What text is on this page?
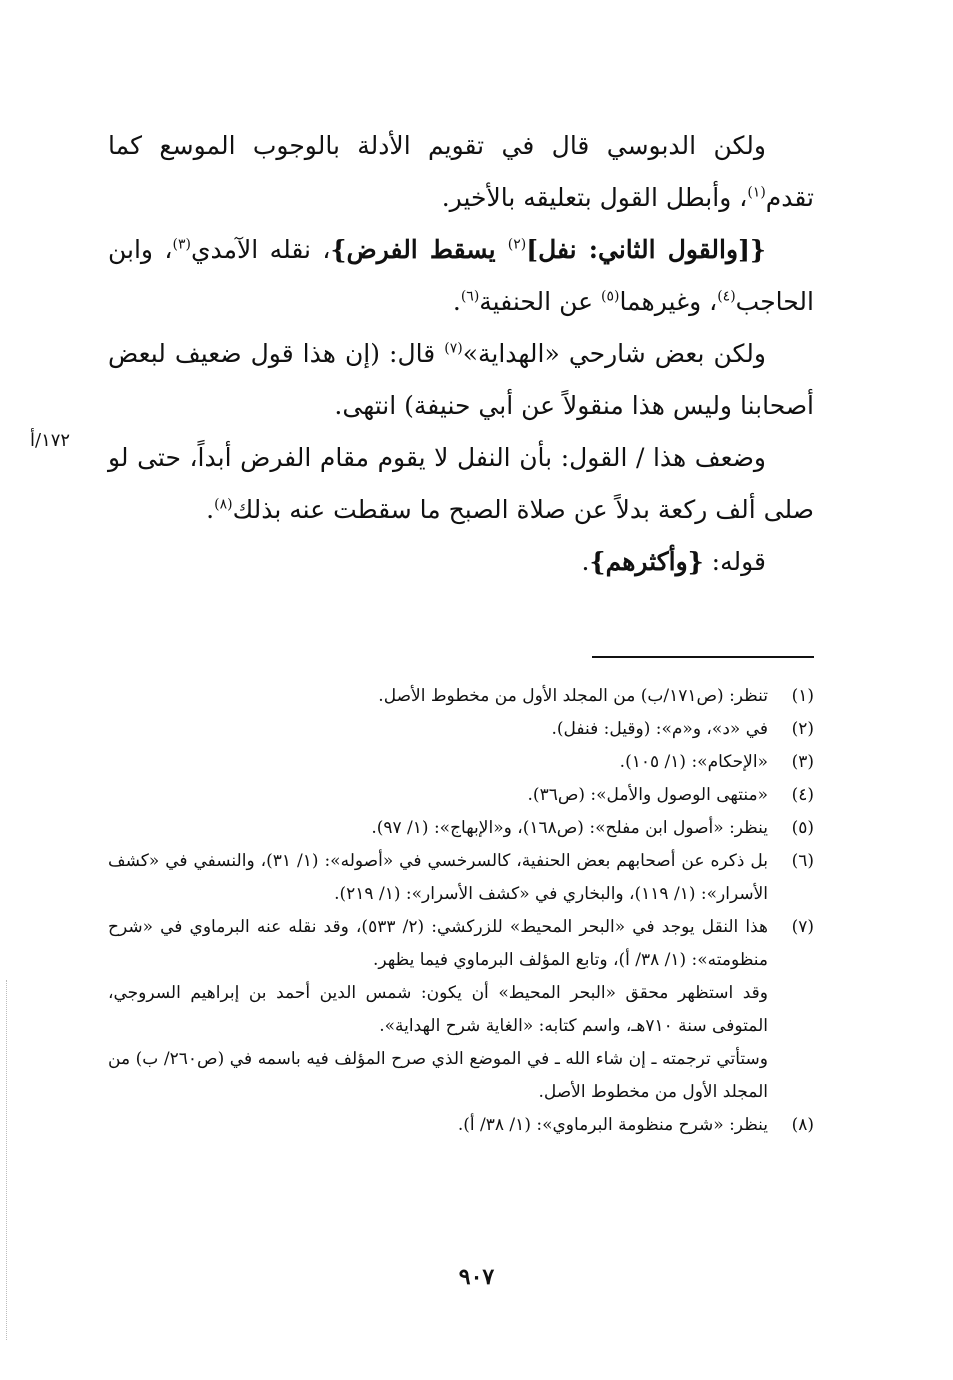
١٧٢/أ

ولكن الدبوسي قال في تقويم الأدلة بالوجوب الموسع كما تقدم$^{(١)}$، وأبطل القول بتعليقه بالأخير.

{[والقول الثاني: نفل]$^{(٢)}$ يسقط الفرض}، نقله الآمدي$^{(٣)}$، وابن الحاجب$^{(٤)}$، وغيرهما$^{(٥)}$ عن الحنفية$^{(٦)}$.

ولكن بعض شارحي «الهداية»$^{(٧)}$ قال: (إن هذا قول ضعيف لبعض أصحابنا وليس هذا منقولاً عن أبي حنيفة) انتهى.

وضعف هذا / القول: بأن النفل لا يقوم مقام الفرض أبداً، حتى لو صلى ألف ركعة بدلاً عن صلاة الصبح ما سقطت عنه بذلك$^{(٨)}$.

قوله: {وأكثرهم}.

(١)
تنظر: (ص١٧١/ب) من المجلد الأول من مخطوط الأصل.
(٢)
في «د»، و«م»: (وقيل: فنفل).
(٣)
«الإحكام»: (١/ ١٠٥).
(٤)
«منتهى الوصول والأمل»: (ص٣٦).
(٥)
ينظر: «أصول ابن مفلح»: (ص١٦٨)، و«الإبهاج»: (١/ ٩٧).
(٦)
بل ذكره عن أصحابهم بعض الحنفية، كالسرخسي في «أصوله»: (١/ ٣١)، والنسفي في «كشف الأسرار»: (١/ ١١٩)، والبخاري في «كشف الأسرار»: (١/ ٢١٩).
(٧)
هذا النقل يوجد في «البحر المحيط» للزركشي: (٢/ ٥٣٣)، وقد نقله عنه البرماوي في «شرح منظومته»: (١/ ٣٨/ أ)، وتابع المؤلف البرماوي فيما يظهر.
وقد استظهر محقق «البحر المحيط» أن يكون: شمس الدين أحمد بن إبراهيم السروجي، المتوفى سنة ٧١٠هـ، واسم كتابه: «الغاية شرح الهداية».
وستأتي ترجمته ـ إن شاء الله ـ في الموضع الذي صرح المؤلف فيه باسمه في (ص٢٦٠/ ب) من المجلد الأول من مخطوط الأصل.
(٨)
ينظر: «شرح منظومة البرماوي»: (١/ ٣٨/ أ).
٩٠٧
